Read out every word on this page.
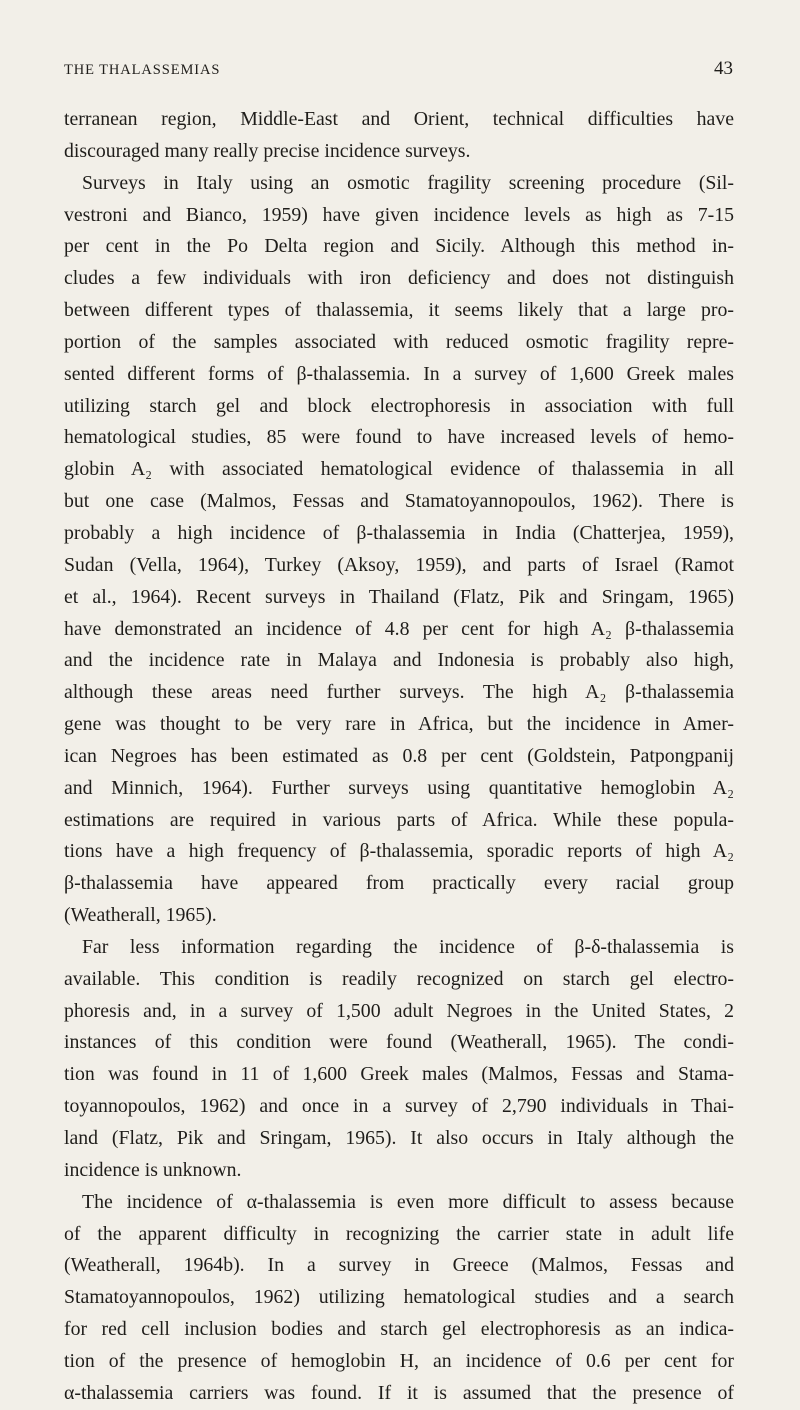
THE THALASSEMIAS	43
terranean region, Middle-East and Orient, technical difficulties have
discouraged many really precise incidence surveys.
Surveys in Italy using an osmotic fragility screening procedure (Sil-
vestroni and Bianco, 1959) have given incidence levels as high as 7-15
per cent in the Po Delta region and Sicily. Although this method in-
cludes a few individuals with iron deficiency and does not distinguish
between different types of thalassemia, it seems likely that a large pro-
portion of the samples associated with reduced osmotic fragility repre-
sented different forms of β-thalassemia. In a survey of 1,600 Greek males
utilizing starch gel and block electrophoresis in association with full
hematological studies, 85 were found to have increased levels of hemo-
globin A₂ with associated hematological evidence of thalassemia in all
but one case (Malmos, Fessas and Stamatoyannopoulos, 1962). There is
probably a high incidence of β-thalassemia in India (Chatterjea, 1959),
Sudan (Vella, 1964), Turkey (Aksoy, 1959), and parts of Israel (Ramot
et al., 1964). Recent surveys in Thailand (Flatz, Pik and Sringam, 1965)
have demonstrated an incidence of 4.8 per cent for high A₂ β-thalassemia
and the incidence rate in Malaya and Indonesia is probably also high,
although these areas need further surveys. The high A₂ β-thalassemia
gene was thought to be very rare in Africa, but the incidence in Amer-
ican Negroes has been estimated as 0.8 per cent (Goldstein, Patpongpanij
and Minnich, 1964). Further surveys using quantitative hemoglobin A₂
estimations are required in various parts of Africa. While these popula-
tions have a high frequency of β-thalassemia, sporadic reports of high A₂
β-thalassemia have appeared from practically every racial group
(Weatherall, 1965).
Far less information regarding the incidence of β-δ-thalassemia is
available. This condition is readily recognized on starch gel electro-
phoresis and, in a survey of 1,500 adult Negroes in the United States, 2
instances of this condition were found (Weatherall, 1965). The condi-
tion was found in 11 of 1,600 Greek males (Malmos, Fessas and Stama-
toyannopoulos, 1962) and once in a survey of 2,790 individuals in Thai-
land (Flatz, Pik and Sringam, 1965). It also occurs in Italy although the
incidence is unknown.
The incidence of α-thalassemia is even more difficult to assess because
of the apparent difficulty in recognizing the carrier state in adult life
(Weatherall, 1964b). In a survey in Greece (Malmos, Fessas and
Stamatoyannopoulos, 1962) utilizing hematological studies and a search
for red cell inclusion bodies and starch gel electrophoresis as an indica-
tion of the presence of hemoglobin H, an incidence of 0.6 per cent for
α-thalassemia carriers was found. If it is assumed that the presence of
